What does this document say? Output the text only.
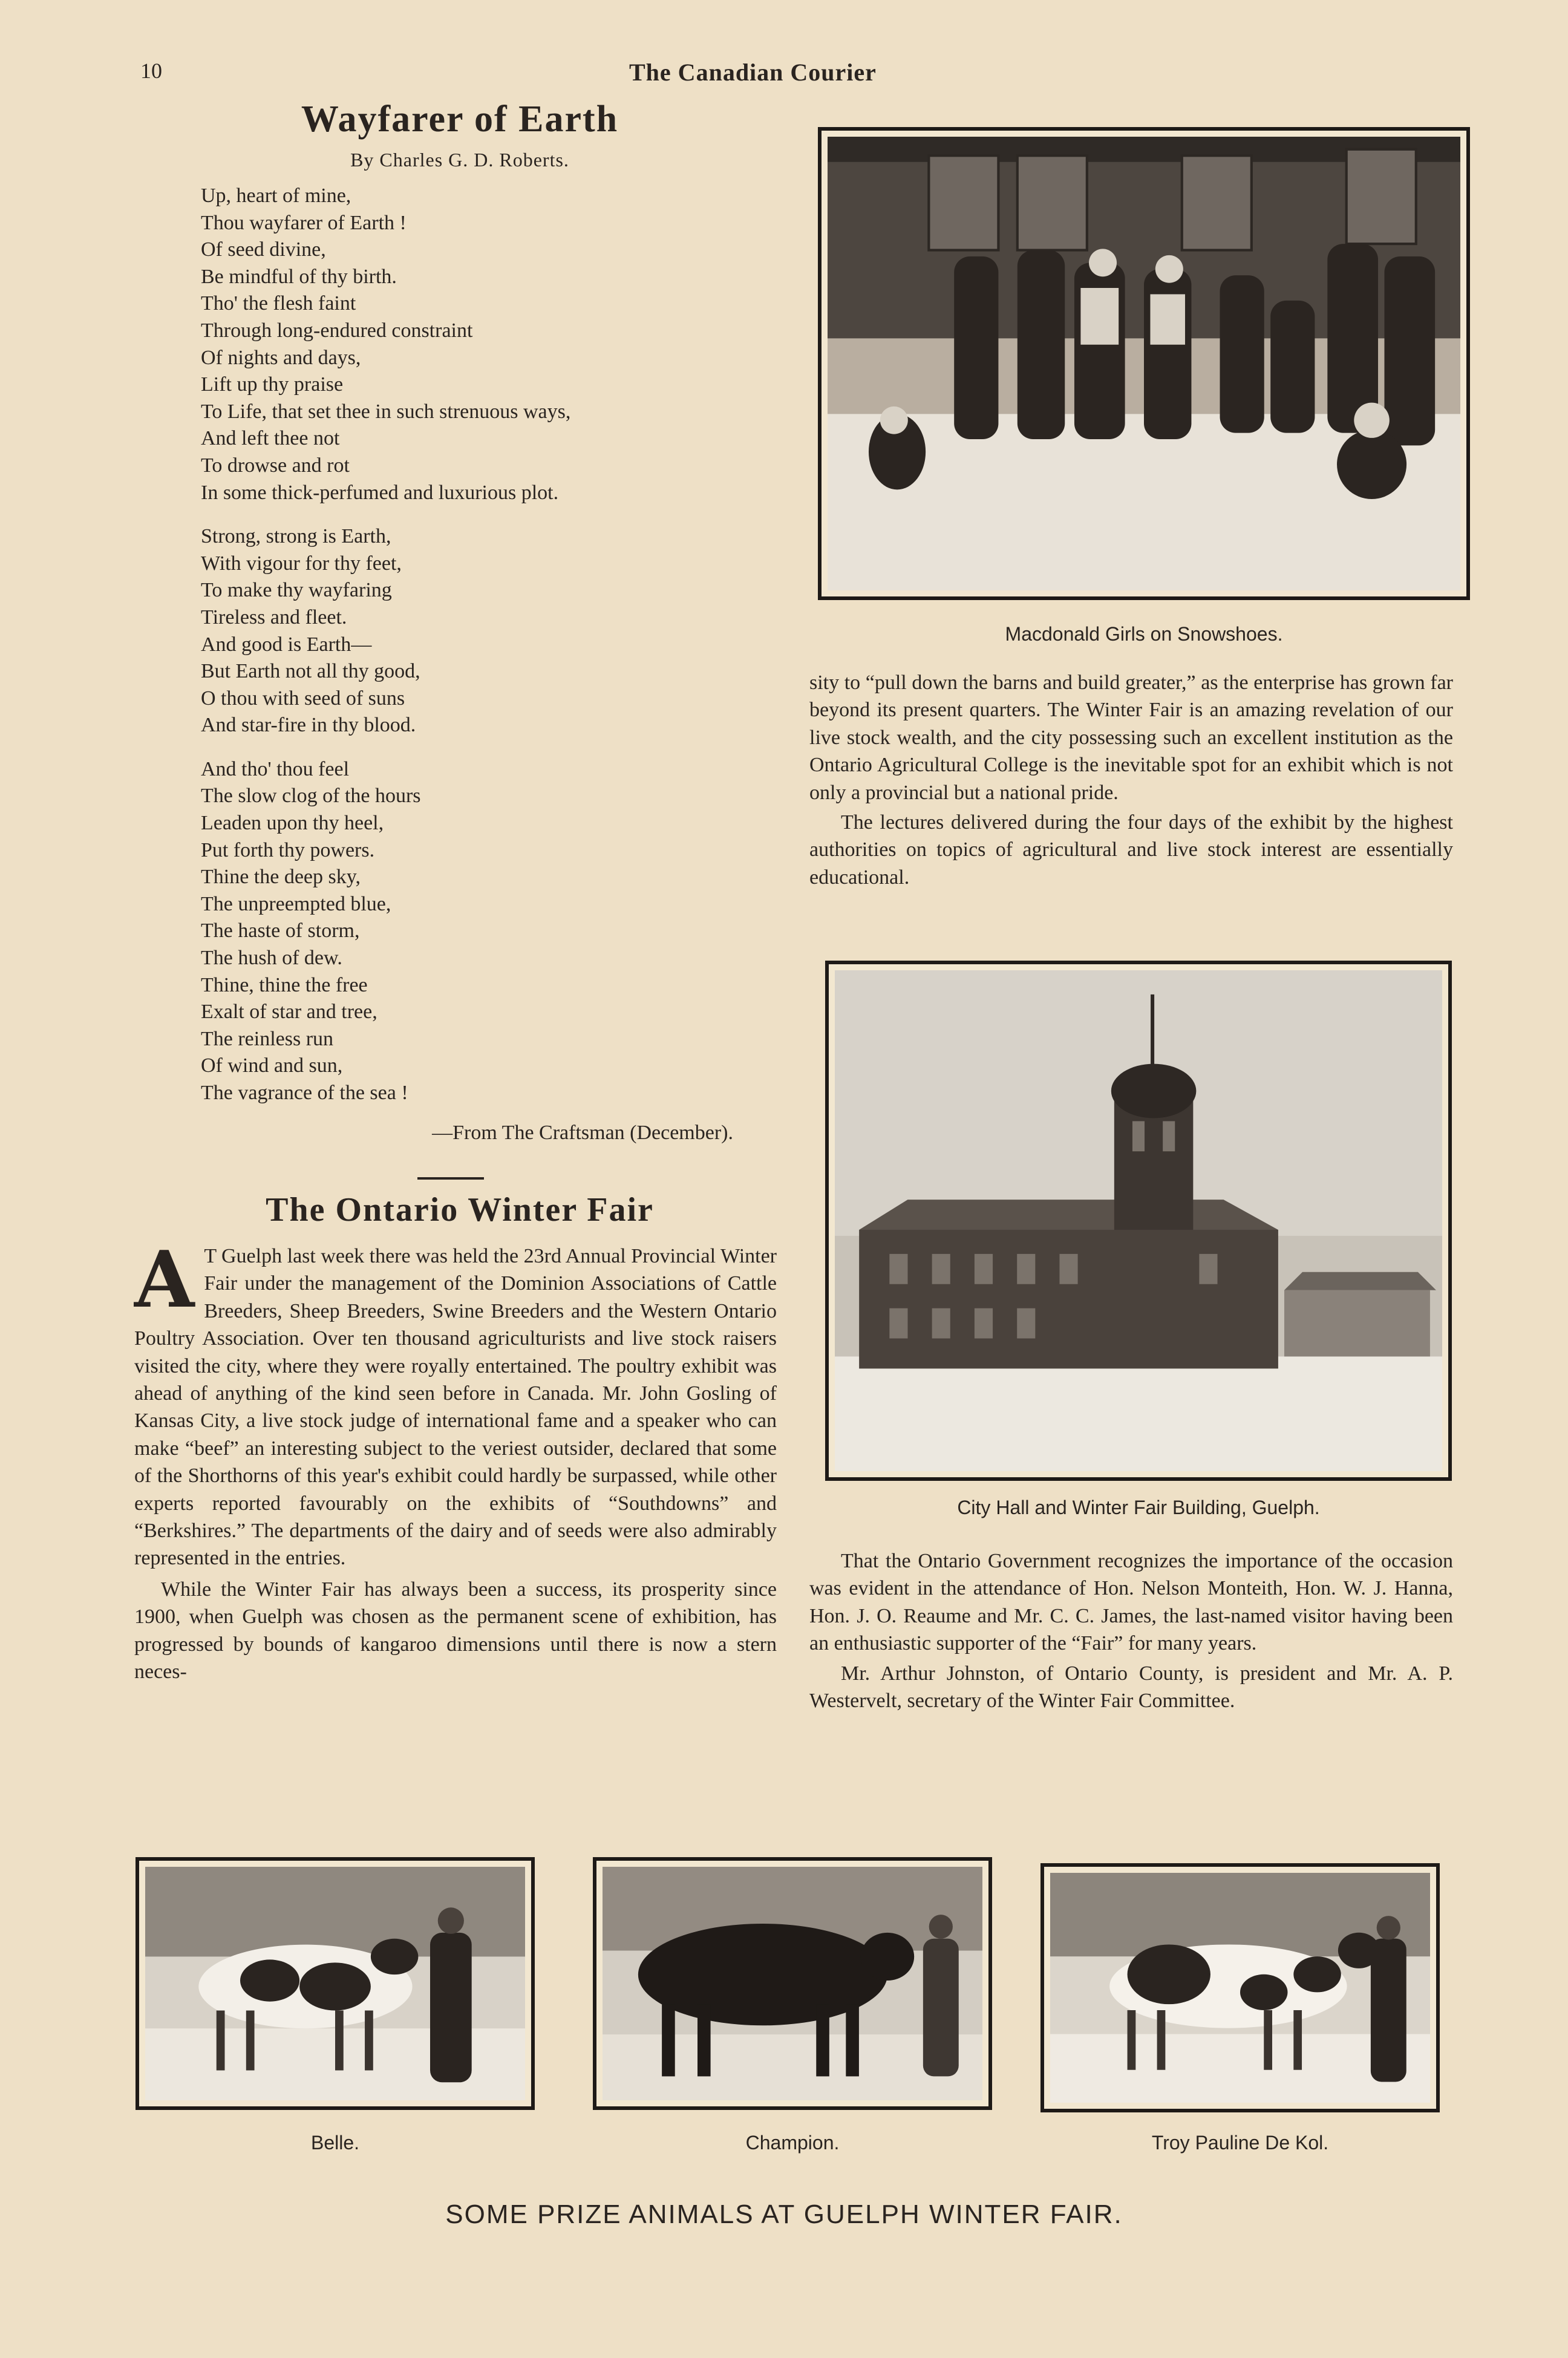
10	The Canadian Courier
Wayfarer of Earth
By Charles G. D. Roberts.
Up, heart of mine,
Thou wayfarer of Earth !
Of seed divine,
Be mindful of thy birth.
Tho' the flesh faint
Through long-endured constraint
Of nights and days,
Lift up thy praise
To Life, that set thee in such strenuous ways,
And left thee not
To drowse and rot
In some thick-perfumed and luxurious plot.
Strong, strong is Earth,
With vigour for thy feet,
To make thy wayfaring
Tireless and fleet.
And good is Earth—
But Earth not all thy good,
O thou with seed of suns
And star-fire in thy blood.
And tho' thou feel
The slow clog of the hours
Leaden upon thy heel,
Put forth thy powers.
Thine the deep sky,
The unpreempted blue,
The haste of storm,
The hush of dew.
Thine, thine the free
Exalt of star and tree,
The reinless run
Of wind and sun,
The vagrance of the sea !
—From The Craftsman (December).
The Ontario Winter Fair

A T Guelph last week there was held the 23rd Annual Provincial Winter Fair under the management of the Dominion Associations of Cattle Breeders, Sheep Breeders, Swine Breeders and the Western Ontario Poultry Association. Over ten thousand agriculturists and live stock raisers visited the city, where they were royally entertained. The poultry exhibit was ahead of anything of the kind seen before in Canada. Mr. John Gosling of Kansas City, a live stock judge of international fame and a speaker who can make “beef” an interesting subject to the veriest outsider, declared that some of the Shorthorns of this year's exhibit could hardly be surpassed, while other experts reported favourably on the exhibits of “Southdowns” and “Berkshires.” The departments of the dairy and of seeds were also admirably represented in the entries.

While the Winter Fair has always been a success, its prosperity since 1900, when Guelph was chosen as the permanent scene of exhibition, has progressed by bounds of kangaroo dimensions until there is now a stern neces-

Macdonald Girls on Snowshoes.

sity to “pull down the barns and build greater,” as the enterprise has grown far beyond its present quarters. The Winter Fair is an amazing revelation of our live stock wealth, and the city possessing such an excellent institution as the Ontario Agricultural College is the inevitable spot for an exhibit which is not only a provincial but a national pride.

The lectures delivered during the four days of the exhibit by the highest authorities on topics of agricultural and live stock interest are essentially educational.

City Hall and Winter Fair Building, Guelph.

That the Ontario Government recognizes the importance of the occasion was evident in the attendance of Hon. Nelson Monteith, Hon. W. J. Hanna, Hon. J. O. Reaume and Mr. C. C. James, the last-named visitor having been an enthusiastic supporter of the “Fair” for many years.

Mr. Arthur Johnston, of Ontario County, is president and Mr. A. P. Westervelt, secretary of the Winter Fair Committee.

Belle.	Champion.	Troy Pauline De Kol.
SOME PRIZE ANIMALS AT GUELPH WINTER FAIR.
